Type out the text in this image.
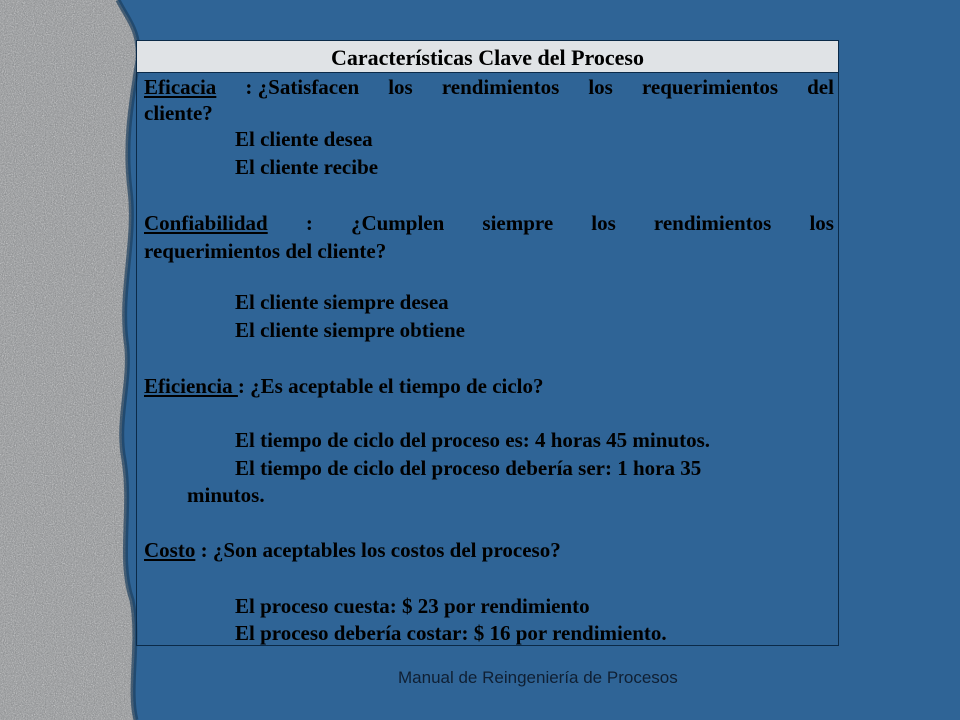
Características Clave del Proceso
Eficacia : ¿Satisfacen los rendimientos los requerimientos del
cliente?
El cliente desea
El cliente recibe
Confiabilidad : ¿Cumplen siempre los rendimientos los
requerimientos del cliente?
El cliente siempre desea
El cliente siempre obtiene
Eficiencia : ¿Es aceptable el tiempo de ciclo?
El tiempo de ciclo del proceso es: 4 horas 45 minutos.
El tiempo de ciclo del proceso debería ser: 1 hora 35
minutos.
Costo : ¿Son aceptables los costos del proceso?
El proceso cuesta: $ 23 por rendimiento
El proceso debería costar: $ 16 por rendimiento.
Manual de Reingeniería de Procesos
